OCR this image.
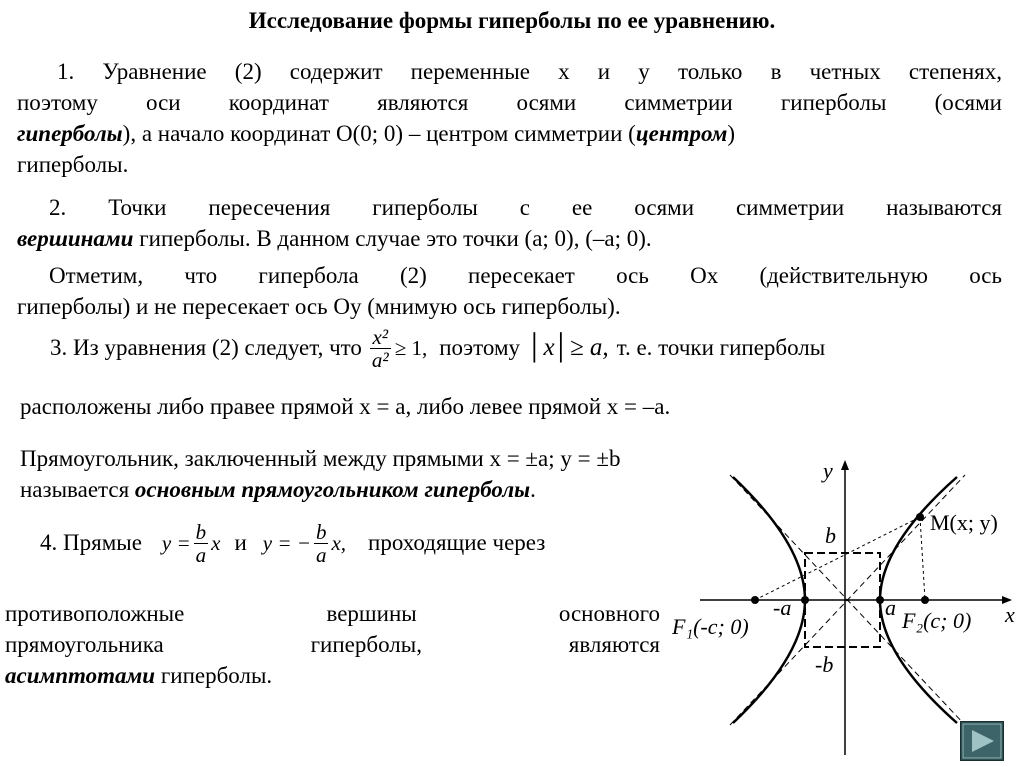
Исследование формы гиперболы по ее уравнению.
1. Уравнение (2) содержит переменные x и y только в четных степенях,
поэтому оси координат являются осями симметрии гиперболы (осями
гиперболы), а начало координат O(0; 0) – центром симметрии (центром)
гиперболы.
2. Точки пересечения гиперболы с ее осями симметрии называются
вершинами гиперболы. В данном случае это точки (a; 0), (–a; 0).
Отметим, что гипербола (2) пересекает ось Ox (действительную ось
гиперболы) и не пересекает ось Oy (мнимую ось гиперболы).
3. Из уравнения (2) следует, что $\frac{\text{x²}}{\text{a²}} \ge 1$, поэтому │x│≥ a, т. е. точки гиперболы
расположены либо правее прямой x = a, либо левее прямой x = –a.
Прямоугольник, заключенный между прямыми x = ±a; y = ±b
называется основным прямоугольником гиперболы.
4. Прямые $y = \frac{b}{a}$ x и y = − $\frac{b}{a} x$, проходящие через
противоположные вершины основного
прямоугольника гиперболы, являются
асимптотами гиперболы.
y
x
M(x; y)
b
-b
-a	a
F₁(-c; 0)	F₂(c; 0)
